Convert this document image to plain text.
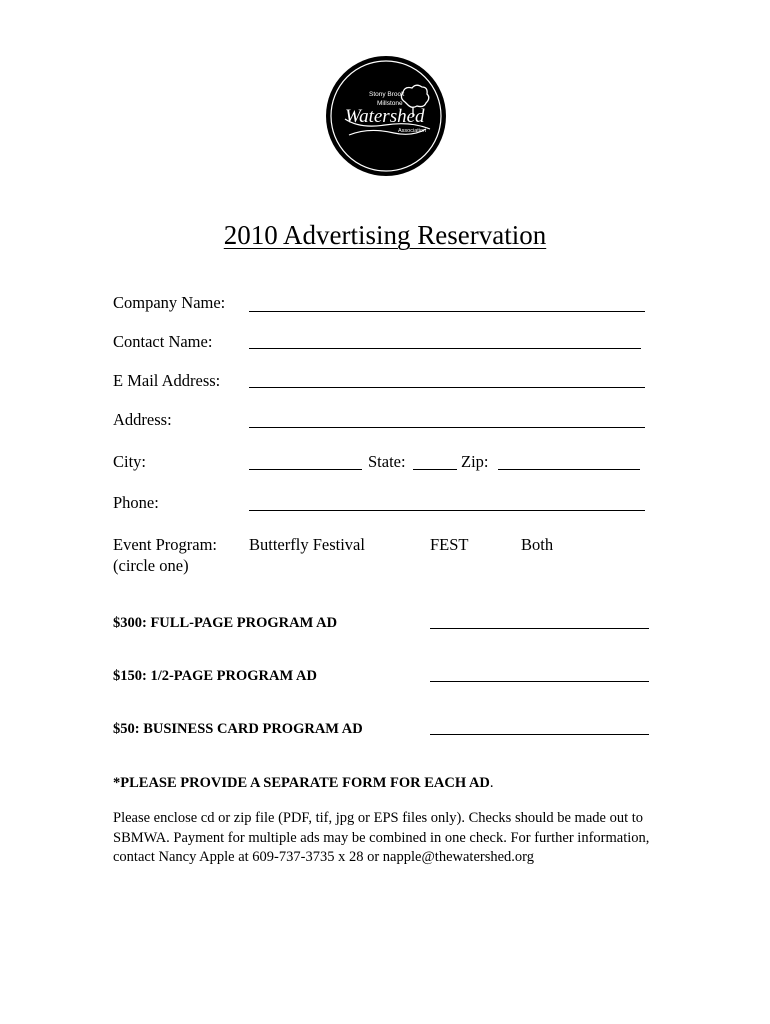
Stony Brook
Millstone
Watershed
Association
2010 Advertising Reservation
Company Name:
Contact Name:
E Mail Address:
Address:
City:	State:	Zip:
Phone:
Event Program:
(circle one)
Butterfly Festival	FEST	Both
$300: FULL-PAGE PROGRAM AD
$150: 1/2-PAGE PROGRAM AD
$50: BUSINESS CARD PROGRAM AD
*PLEASE PROVIDE A SEPARATE FORM FOR EACH AD.
Please enclose cd or zip file (PDF, tif, jpg or EPS files only). Checks should be made out to SBMWA. Payment for multiple ads may be combined in one check. For further information, contact Nancy Apple at 609-737-3735 x 28 or napple@thewatershed.org
